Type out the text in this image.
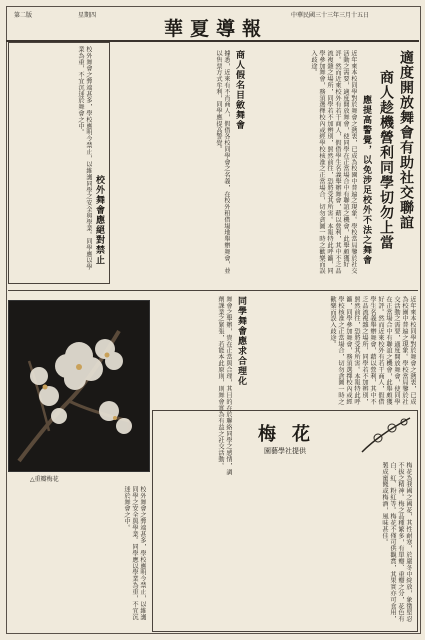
第二版	星期四
華夏導報
中華民國三十三年三月十五日
適度開放舞會有助社交聯誼
商人趁機營利同學切勿上當
應提高警覺，以免涉足校外不法之舞會
近年來本校同學對於舞會之熱衷，已成為校園中普遍之現象。學校當局鑒於社交活動之需要，適度開放舞會，使同學在正當場合中有聯誼之機會，此舉頗獲好評。然而近來校外有若干商人，假借學生名義舉辦舞會，藉以營利，其中不乏品流複雜之場所，同學若不加辨別，貿然前往，恐將受其所害。本報特此呼籲，同學參加舞會，務須選擇校內或經學校核准之正當場合，切勿貪圖一時之歡樂而誤入歧途。
校外舞會應絕對禁止
校外舞會之弊端甚多，學校應明令禁止，以維護同學之安全與學業。同學應以學業為重，不宜沉迷於舞會之中。	商人假名目斂舞會
據悉，近來有不肖商人，假借各校同學會之名義，在校外租借場地舉辦舞會，並以售票方式牟利，同學應提高警覺。
同學舞會應求合理化
舞會之舉辦，貴在正當與合理，其目的在於聯絡同學之感情，調劑課業之緊張，若能本此原則，則舞會實為有益之社交活動。	近年來本校同學對於舞會之熱衷，已成為校園中普遍之現象。學校當局鑒於社交活動之需要，適度開放舞會，使同學在正當場合中有聯誼之機會，此舉頗獲好評。然而近來校外有若干商人，假借學生名義舉辦舞會，藉以營利，其中不乏品流複雜之場所，同學若不加辨別，貿然前往，恐將受其所害。本報特此呼籲，同學參加舞會，務須選擇校內或經學校核准之正當場合，切勿貪圖一時之歡樂而誤入歧途。
△重瓣梅花
梅花
園藝學社提供
梅花為我國之國花，其性耐寒，於嚴冬中綻放，象徵堅忍不拔之精神。梅之品種繁多，有單瓣、重瓣之分，花色有白、紅、粉紅等。梅花不僅可供觀賞，其果實亦可食用，製成蜜餞或梅酒，風味甚佳。
校外舞會之弊端甚多，學校應明令禁止，以維護同學之安全與學業。同學應以學業為重，不宜沉迷於舞會之中。
